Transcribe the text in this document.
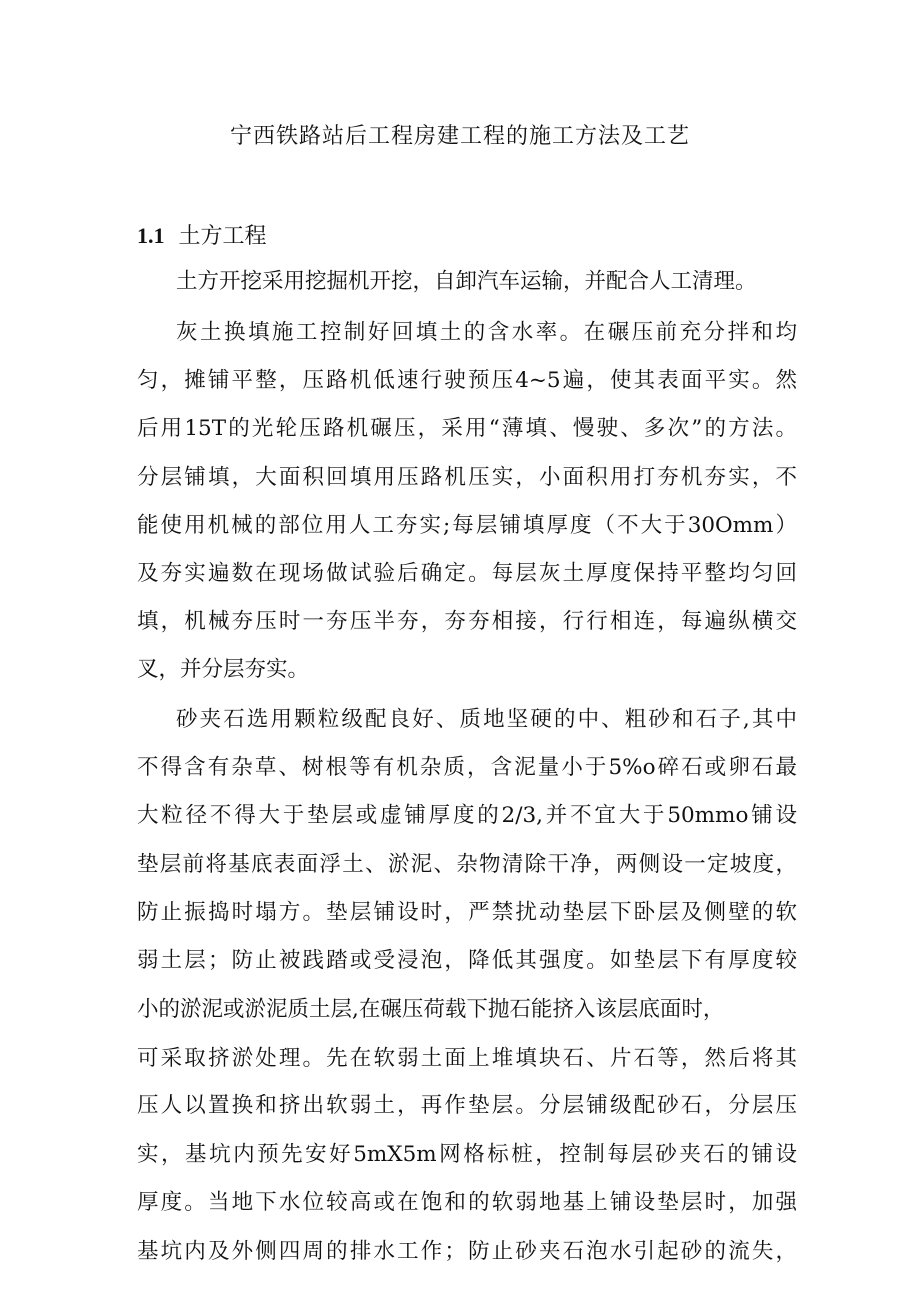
宁西铁路站后工程房建工程的施工方法及工艺
1.1 土方工程
土方开挖采用挖掘机开挖，自卸汽车运输，并配合人工清理。
灰土换填施工控制好回填土的含水率。在碾压前充分拌和均
匀，摊铺平整，压路机低速行驶预压4~5遍，使其表面平实。然
后用15T的光轮压路机碾压，采用“薄填、慢驶、多次”的方法。
分层铺填，大面积回填用压路机压实，小面积用打夯机夯实，不
能使用机械的部位用人工夯实;每层铺填厚度（不大于30Omm）
及夯实遍数在现场做试验后确定。每层灰土厚度保持平整均匀回
填，机械夯压时一夯压半夯，夯夯相接，行行相连，每遍纵横交
叉，并分层夯实。
砂夹石选用颗粒级配良好、质地坚硬的中、粗砂和石子,其中
不得含有杂草、树根等有机杂质，含泥量小于5%o碎石或卵石最
大粒径不得大于垫层或虚铺厚度的2/3,并不宜大于50mmo铺设
垫层前将基底表面浮土、淤泥、杂物清除干净，两侧设一定坡度，
防止振捣时塌方。垫层铺设时，严禁扰动垫层下卧层及侧壁的软
弱土层；防止被践踏或受浸泡，降低其强度。如垫层下有厚度较
小的淤泥或淤泥质土层,在碾压荷载下抛石能挤入该层底面时，
可采取挤淤处理。先在软弱土面上堆填块石、片石等，然后将其
压人以置换和挤出软弱土，再作垫层。分层铺级配砂石，分层压
实，基坑内预先安好5mX5m网格标桩，控制每层砂夹石的铺设
厚度。当地下水位较高或在饱和的软弱地基上铺设垫层时，加强
基坑内及外侧四周的排水工作；防止砂夹石泡水引起砂的流失，
